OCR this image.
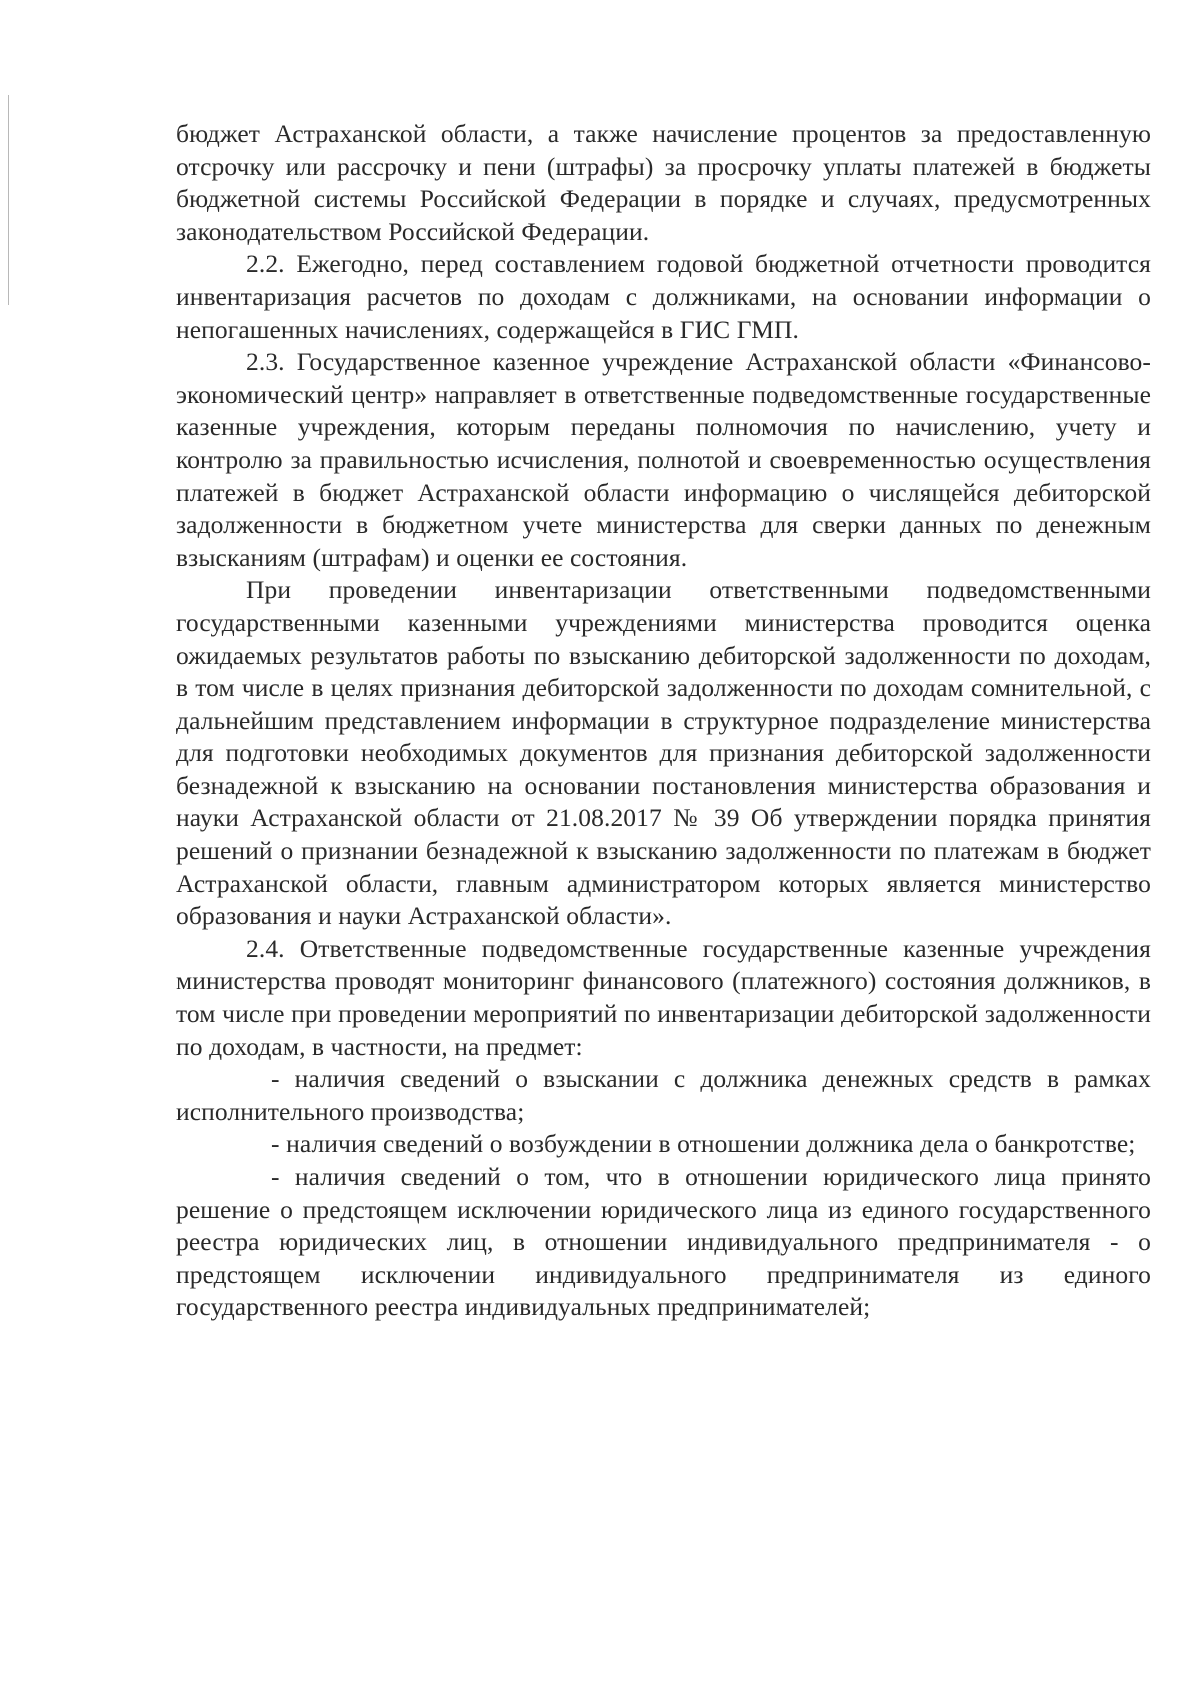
бюджет Астраханской области, а также начисление процентов за предоставленную отсрочку или рассрочку и пени (штрафы) за просрочку уплаты платежей в бюджеты бюджетной системы Российской Федерации в порядке и случаях, предусмотренных законодательством Российской Федерации.

2.2. Ежегодно, перед составлением годовой бюджетной отчетности проводится инвентаризация расчетов по доходам с должниками, на основании информации о непогашенных начислениях, содержащейся в ГИС ГМП.

2.3. Государственное казенное учреждение Астраханской области «Финансово-экономический центр» направляет в ответственные подведомственные государственные казенные учреждения, которым переданы полномочия по начислению, учету и контролю за правильностью исчисления, полнотой и своевременностью осуществления платежей в бюджет Астраханской области информацию о числящейся дебиторской задолженности в бюджетном учете министерства для сверки данных по денежным взысканиям (штрафам) и оценки ее состояния.

При проведении инвентаризации ответственными подведомственными государственными казенными учреждениями министерства проводится оценка ожидаемых результатов работы по взысканию дебиторской задолженности по доходам, в том числе в целях признания дебиторской задолженности по доходам сомнительной, с дальнейшим представлением информации в структурное подразделение министерства для подготовки необходимых документов для признания дебиторской задолженности безнадежной к взысканию на основании постановления министерства образования и науки Астраханской области от 21.08.2017 № 39 Об утверждении порядка принятия решений о признании безнадежной к взысканию задолженности по платежам в бюджет Астраханской области, главным администратором которых является министерство образования и науки Астраханской области».

2.4. Ответственные подведомственные государственные казенные учреждения министерства проводят мониторинг финансового (платежного) состояния должников, в том числе при проведении мероприятий по инвентаризации дебиторской задолженности по доходам, в частности, на предмет:

- наличия сведений о взыскании с должника денежных средств в рамках исполнительного производства;

- наличия сведений о возбуждении в отношении должника дела о банкротстве;

- наличия сведений о том, что в отношении юридического лица принято решение о предстоящем исключении юридического лица из единого государственного реестра юридических лиц, в отношении индивидуального предпринимателя - о предстоящем исключении индивидуального предпринимателя из единого государственного реестра индивидуальных предпринимателей;
